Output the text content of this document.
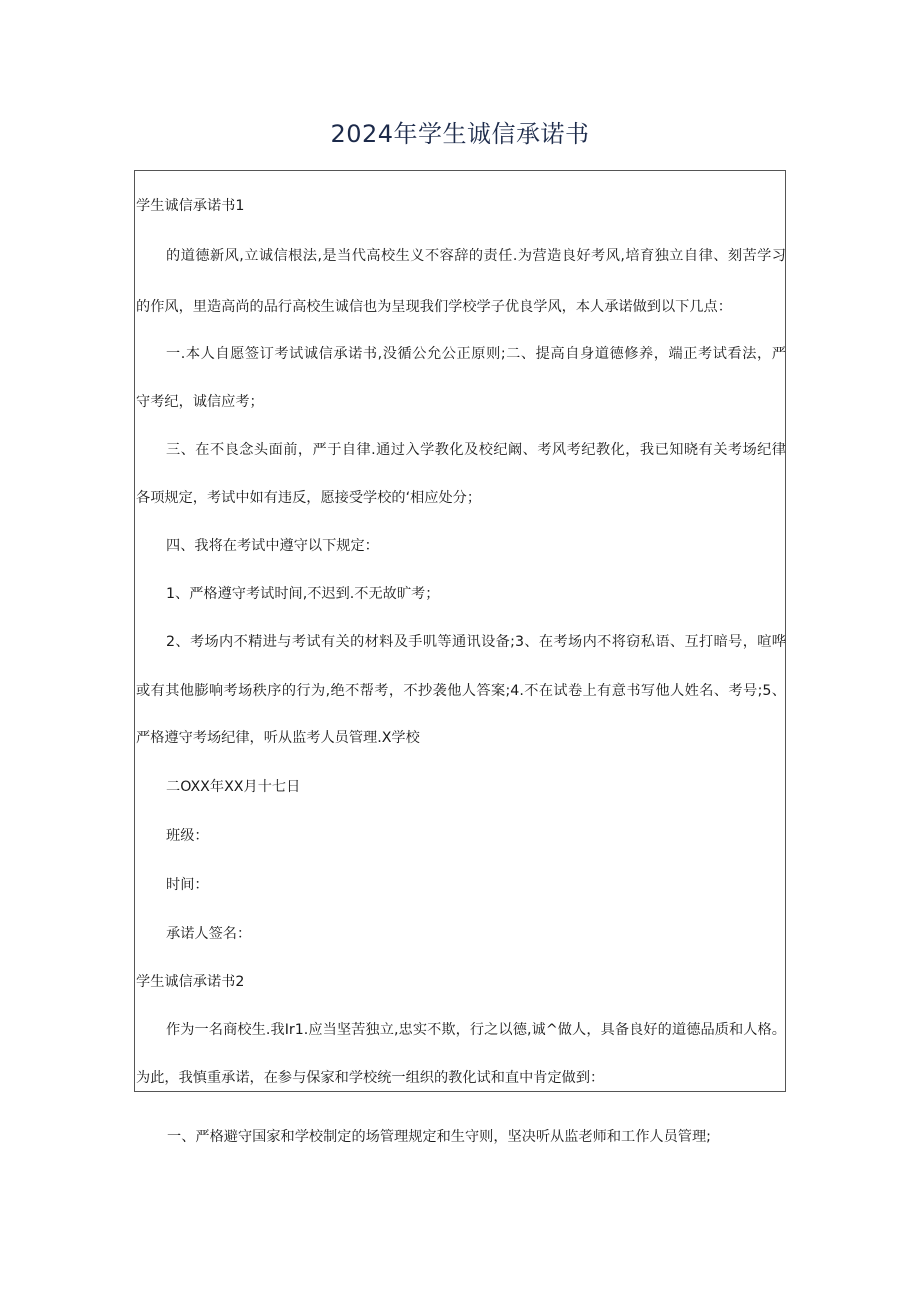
2024年学生诚信承诺书
学生诚信承诺书1
的道德新风,立诚信根法,是当代高校生义不容辞的责任.为营造良好考风,培育独立自律、刻苦学习
的作风，里造高尚的品行高校生诚信也为呈现我们学校学子优良学风，本人承诺做到以下几点：
一.本人自愿签订考试诚信承诺书,没循公允公正原则;二、提高自身道德修养，端正考试看法，严
守考纪，诚信应考；
三、在不良念头面前，严于自律.通过入学教化及校纪阚、考风考纪教化，我已知晓有关考场纪律
各项规定，考试中如有违反，愿接受学校的‘相应处分；
四、我将在考试中遵守以下规定：
1、严格遵守考试时间,不迟到.不无故旷考；
2、考场内不精进与考试有关的材料及手叽等通讯设备;3、在考场内不将窃私语、互打暗号，喧哗
或有其他膨响考场秩序的行为,绝不帮考，不抄袭他人答案;4.不在试卷上有意书写他人姓名、考号;5、
严格遵守考场纪律，听从监考人员管理.X学校
二OXX年XX月十七日
班级：
时间：
承诺人签名：
学生诚信承诺书2
作为一名商校生.我Ir1.应当坚苦独立,忠实不欺，行之以德,诚^做人，具备良好的道德品质和人格。
为此，我慎重承诺，在参与保家和学校统一组织的教化试和直中肯定做到：
一、严格避守国家和学校制定的场管理规定和生守则，坚决听从监老师和工作人员管理;
